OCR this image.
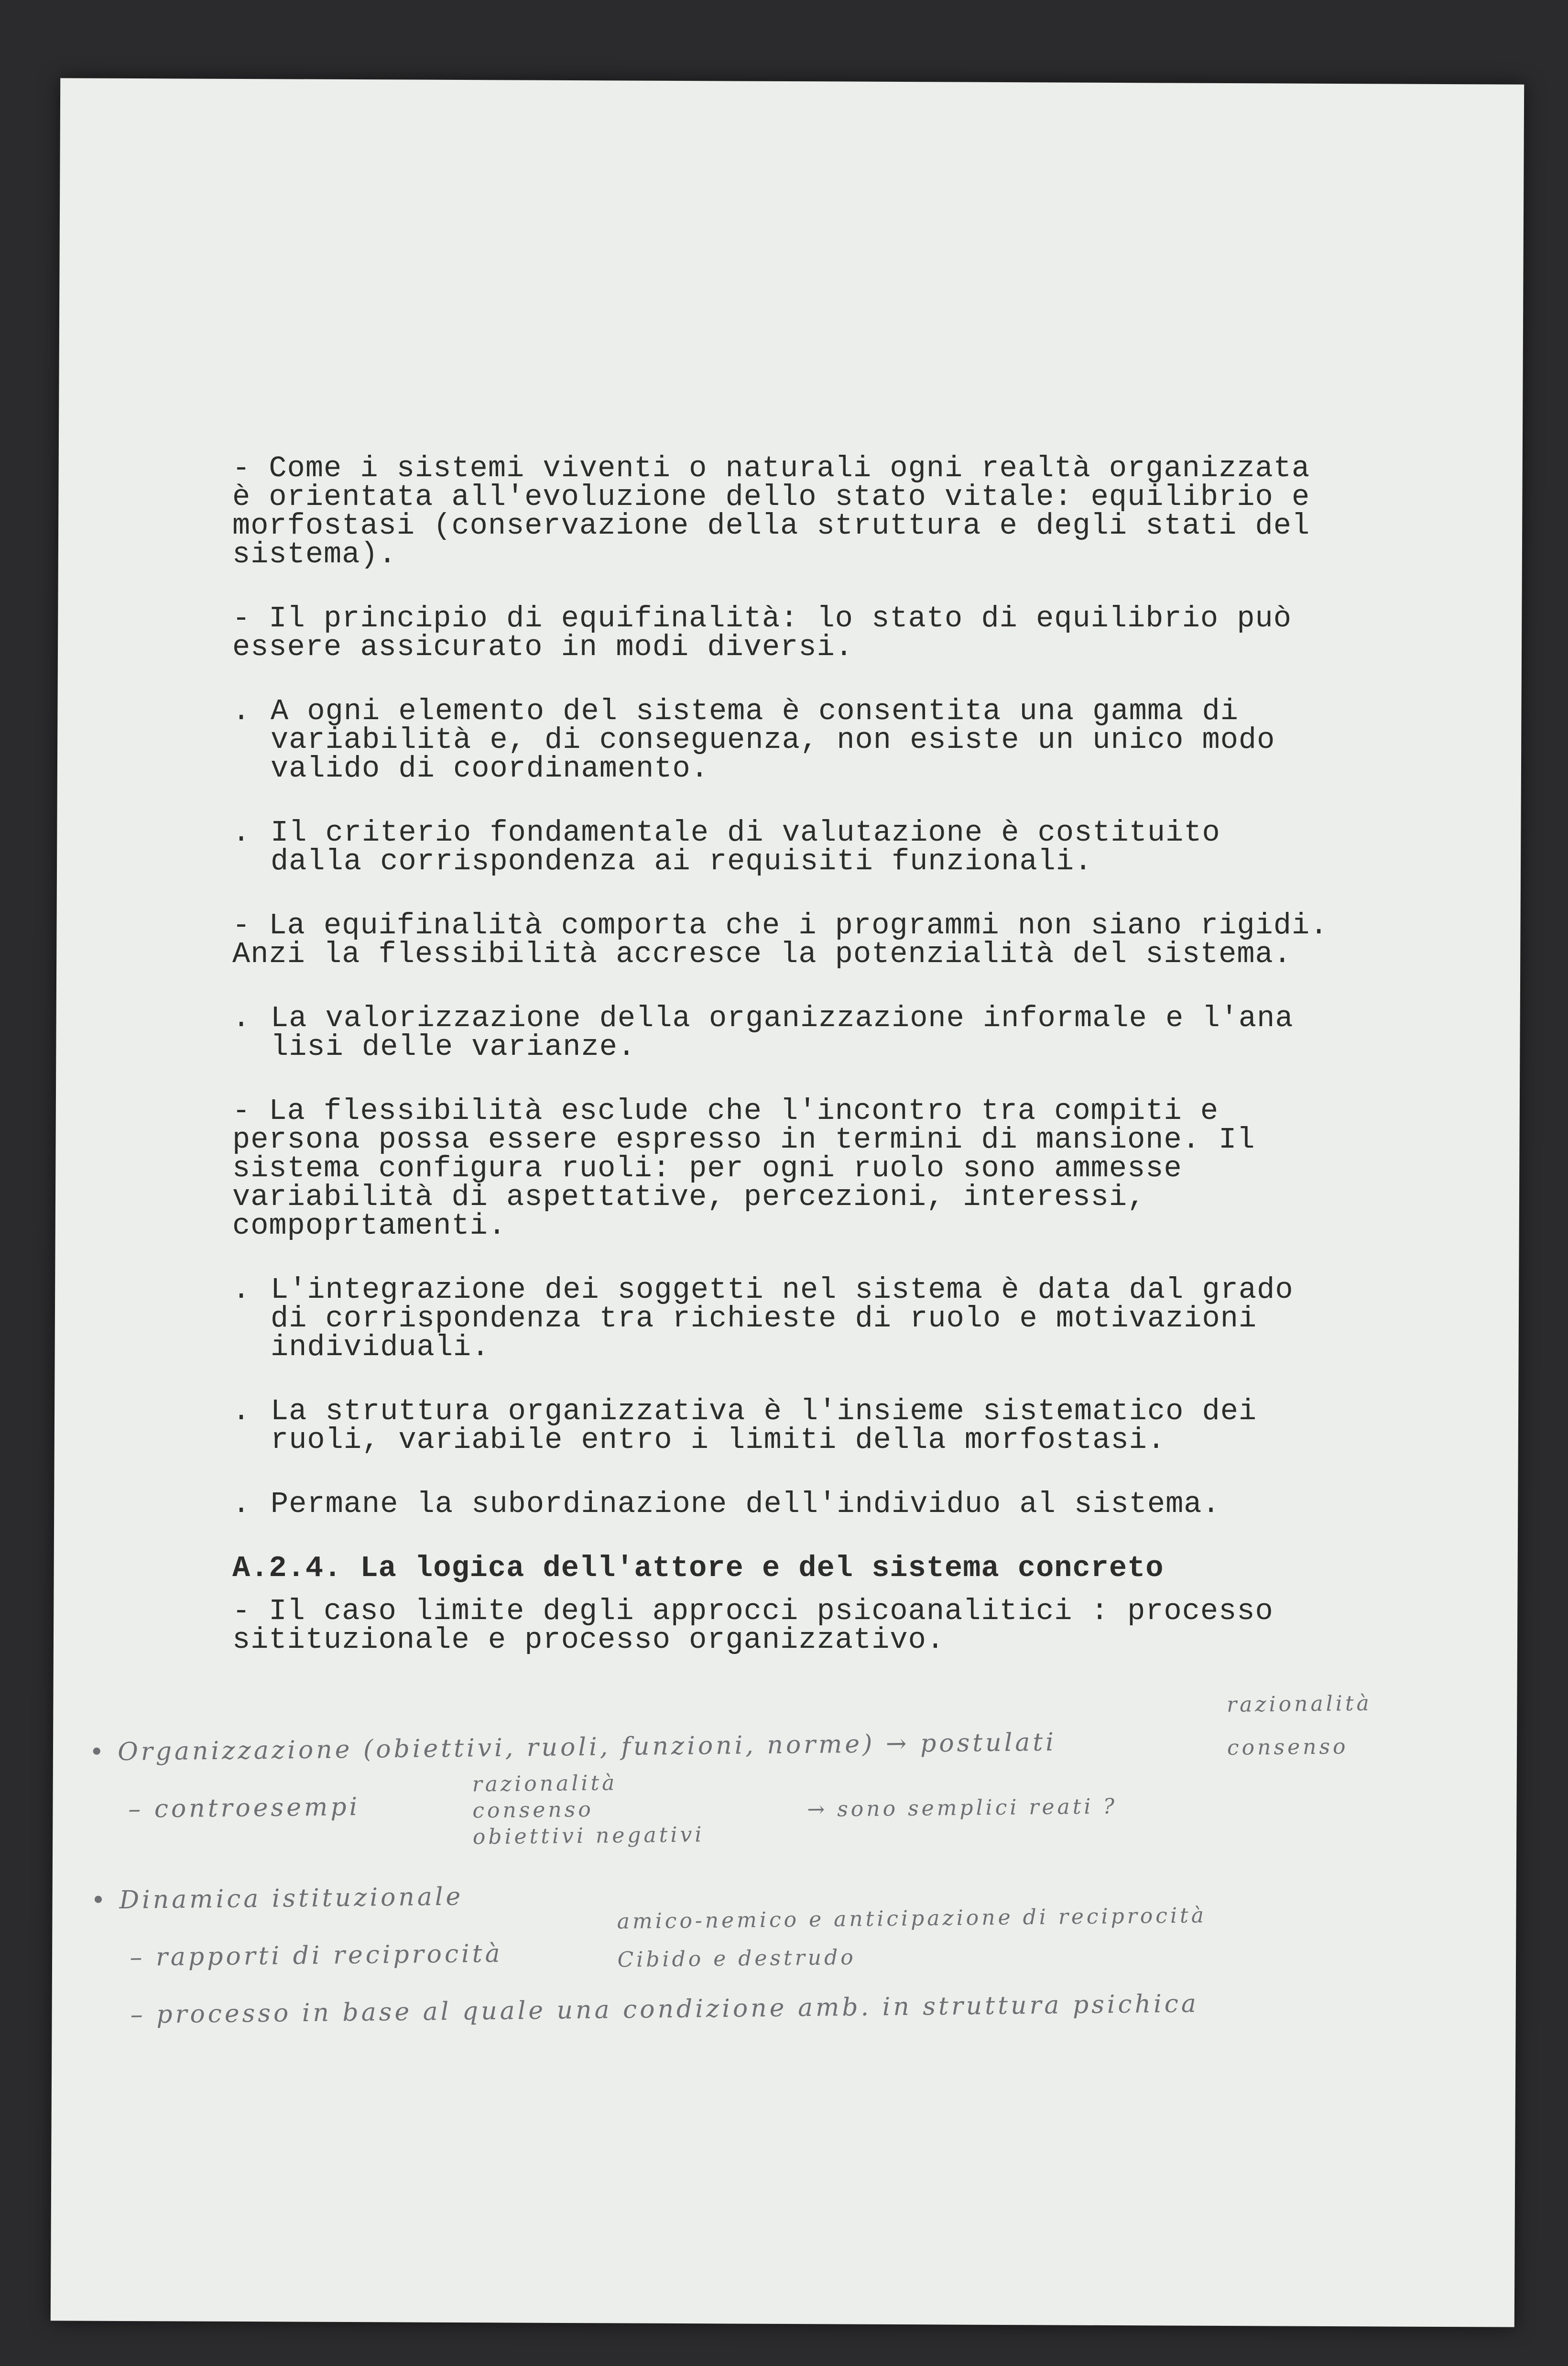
- Come i sistemi viventi o naturali ogni realtà organizzata
è orientata all'evoluzione dello stato vitale: equilibrio e
morfostasi (conservazione della struttura e degli stati del
sistema).

- Il principio di equifinalità: lo stato di equilibrio può
essere assicurato in modi diversi.

. A ogni elemento del sistema è consentita una gamma di
variabilità e, di conseguenza, non esiste un unico modo
valido di coordinamento.

. Il criterio fondamentale di valutazione è costituito
dalla corrispondenza ai requisiti funzionali.

- La equifinalità comporta che i programmi non siano rigidi.
Anzi la flessibilità accresce la potenzialità del sistema.

. La valorizzazione della organizzazione informale e l'ana
lisi delle varianze.

- La flessibilità esclude che l'incontro tra compiti e
persona possa essere espresso in termini di mansione. Il
sistema configura ruoli: per ogni ruolo sono ammesse
variabilità di aspettative, percezioni, interessi,
compoprtamenti.

. L'integrazione dei soggetti nel sistema è data dal grado
di corrispondenza tra richieste di ruolo e motivazioni
individuali.

. La struttura organizzativa è l'insieme sistematico dei
ruoli, variabile entro i limiti della morfostasi.

. Permane la subordinazione dell'individuo al sistema.

A.2.4. La logica dell'attore e del sistema concreto

- Il caso limite degli approcci psicoanalitici : processo
sitituzionale e processo organizzativo.

• Organizzazione (obiettivi, ruoli, funzioni, norme) → postulati
razionalità
consenso
– controesempi
razionalità
consenso
obiettivi negativi
→ sono semplici reati ?
• Dinamica istituzionale
– rapporti di reciprocità
amico-nemico e anticipazione di reciprocità
Cibido e destrudo
– processo in base al quale una condizione amb. in struttura psichica
